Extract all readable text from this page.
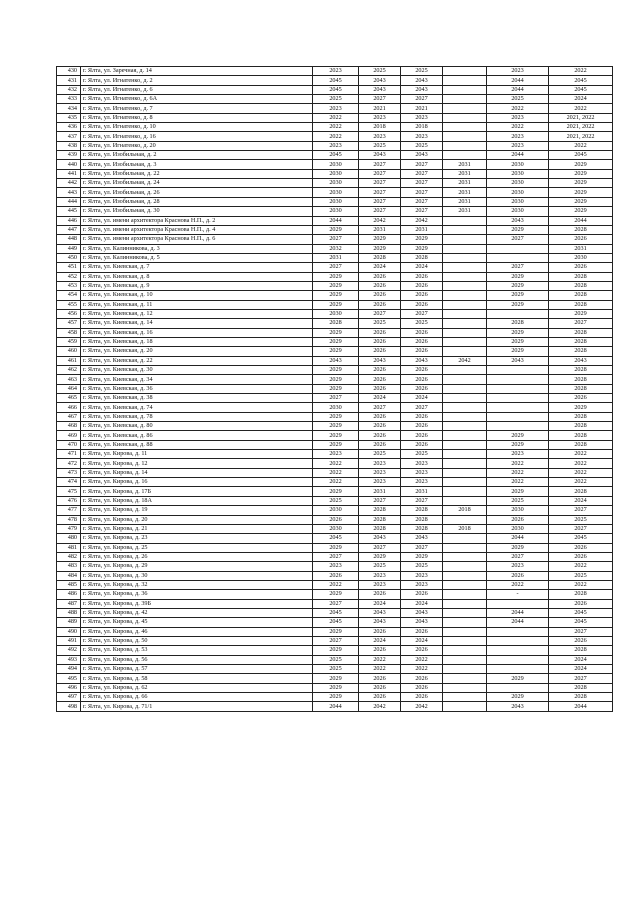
430	г. Ялта, ул. Заречная, д. 14	2023	2025	2025		2023	2022
431	г. Ялта, ул. Игнатенко, д. 2	2045	2043	2043		2044	2045
432	г. Ялта, ул. Игнатенко, д. 6	2045	2043	2043		2044	2045
433	г. Ялта, ул. Игнатенко, д. 6А	2025	2027	2027		2025	2024
434	г. Ялта, ул. Игнатенко, д. 7	2023	2021	2021		2022	2022
435	г. Ялта, ул. Игнатенко, д. 8	2022	2023	2023		2023	2021, 2022
436	г. Ялта, ул. Игнатенко, д. 10	2022	2018	2018		2022	2021, 2022
437	г. Ялта, ул. Игнатенко, д. 16	2022	2023	2023		2023	2021, 2022
438	г. Ялта, ул. Игнатенко, д. 20	2023	2025	2025		2023	2022
439	г. Ялта, ул. Изобильная, д. 2	2045	2043	2043		2044	2045
440	г. Ялта, ул. Изобильная, д. 3	2030	2027	2027	2031	2030	2029
441	г. Ялта, ул. Изобильная, д. 22	2030	2027	2027	2031	2030	2029
442	г. Ялта, ул. Изобильная, д. 24	2030	2027	2027	2031	2030	2029
443	г. Ялта, ул. Изобильная, д. 26	2030	2027	2027	2031	2030	2029
444	г. Ялта, ул. Изобильная, д. 28	2030	2027	2027	2031	2030	2029
445	г. Ялта, ул. Изобильная, д. 30	2030	2027	2027	2031	2030	2029
446	г. Ялта, ул. имени архитектора Краснова Н.П., д. 2	2044	2042	2042		2043	2044
447	г. Ялта, ул. имени архитектора Краснова Н.П., д. 4	2029	2031	2031		2029	2028
448	г. Ялта, ул. имени архитектора Краснова Н.П., д. 6	2027	2029	2029		2027	2026
449	г. Ялта, ул. Калинникова, д. 3	2032	2029	2029			2031
450	г. Ялта, ул. Калинникова, д. 5	2031	2028	2028			2030
451	г. Ялта, ул. Киевская, д. 7	2027	2024	2024		2027	2026
452	г. Ялта, ул. Киевская, д. 8	2029	2026	2026		2029	2028
453	г. Ялта, ул. Киевская, д. 9	2029	2026	2026		2029	2028
454	г. Ялта, ул. Киевская, д. 10	2029	2026	2026		2029	2028
455	г. Ялта, ул. Киевская, д. 11	2029	2026	2026		2029	2028
456	г. Ялта, ул. Киевская, д. 12	2030	2027	2027			2029
457	г. Ялта, ул. Киевская, д. 14	2028	2025	2025		2028	2027
458	г. Ялта, ул. Киевская, д. 16	2029	2026	2026		2029	2028
459	г. Ялта, ул. Киевская, д. 18	2029	2026	2026		2029	2028
460	г. Ялта, ул. Киевская, д. 20	2029	2026	2026		2029	2028
461	г. Ялта, ул. Киевская, д. 22	2043	2043	2043	2042	2043	2043
462	г. Ялта, ул. Киевская, д. 30	2029	2026	2026			2028
463	г. Ялта, ул. Киевская, д. 34	2029	2026	2026			2028
464	г. Ялта, ул. Киевская, д. 36	2029	2026	2026			2028
465	г. Ялта, ул. Киевская, д. 38	2027	2024	2024			2026
466	г. Ялта, ул. Киевская, д. 74	2030	2027	2027			2029
467	г. Ялта, ул. Киевская, д. 78	2029	2026	2026			2028
468	г. Ялта, ул. Киевская, д. 80	2029	2026	2026			2028
469	г. Ялта, ул. Киевская, д. 86	2029	2026	2026		2029	2028
470	г. Ялта, ул. Киевская, д. 88	2029	2026	2026		2029	2028
471	г. Ялта, ул. Кирова, д. 11	2023	2025	2025		2023	2022
472	г. Ялта, ул. Кирова, д. 12	2022	2023	2023		2022	2022
473	г. Ялта, ул. Кирова, д. 14	2022	2023	2023		2022	2022
474	г. Ялта, ул. Кирова, д. 16	2022	2023	2023		2022	2022
475	г. Ялта, ул. Кирова, д. 17Б	2029	2031	2031		2029	2028
476	г. Ялта, ул. Кирова, д. 18А	2025	2027	2027		2025	2024
477	г. Ялта, ул. Кирова, д. 19	2030	2028	2028	2018	2030	2027
478	г. Ялта, ул. Кирова, д. 20	2026	2028	2028		2026	2025
479	г. Ялта, ул. Кирова, д. 21	2030	2028	2028	2018	2030	2027
480	г. Ялта, ул. Кирова, д. 23	2045	2043	2043		2044	2045
481	г. Ялта, ул. Кирова, д. 25	2029	2027	2027		2029	2026
482	г. Ялта, ул. Кирова, д. 26	2027	2029	2029		2027	2026
483	г. Ялта, ул. Кирова, д. 29	2023	2025	2025		2023	2022
484	г. Ялта, ул. Кирова, д. 30	2026	2023	2023		2026	2025
485	г. Ялта, ул. Кирова, д. 32	2022	2023	2023		2022	2022
486	г. Ялта, ул. Кирова, д. 36	2029	2026	2026		-	2028
487	г. Ялта, ул. Кирова, д. 39Б	2027	2024	2024			2026
488	г. Ялта, ул. Кирова, д. 42	2045	2043	2043		2044	2045
489	г. Ялта, ул. Кирова, д. 45	2045	2043	2043		2044	2045
490	г. Ялта, ул. Кирова, д. 46	2029	2026	2026			2027
491	г. Ялта, ул. Кирова, д. 50	2027	2024	2024			2026
492	г. Ялта, ул. Кирова, д. 53	2029	2026	2026			2028
493	г. Ялта, ул. Кирова, д. 56	2025	2022	2022			2024
494	г. Ялта, ул. Кирова, д. 57	2025	2022	2022			2024
495	г. Ялта, ул. Кирова, д. 58	2029	2026	2026		2029	2027
496	г. Ялта, ул. Кирова, д. 62	2029	2026	2026			2028
497	г. Ялта, ул. Кирова, д. 66	2029	2026	2026		2029	2028
498	г. Ялта, ул. Кирова, д. 71/1	2044	2042	2042		2043	2044
